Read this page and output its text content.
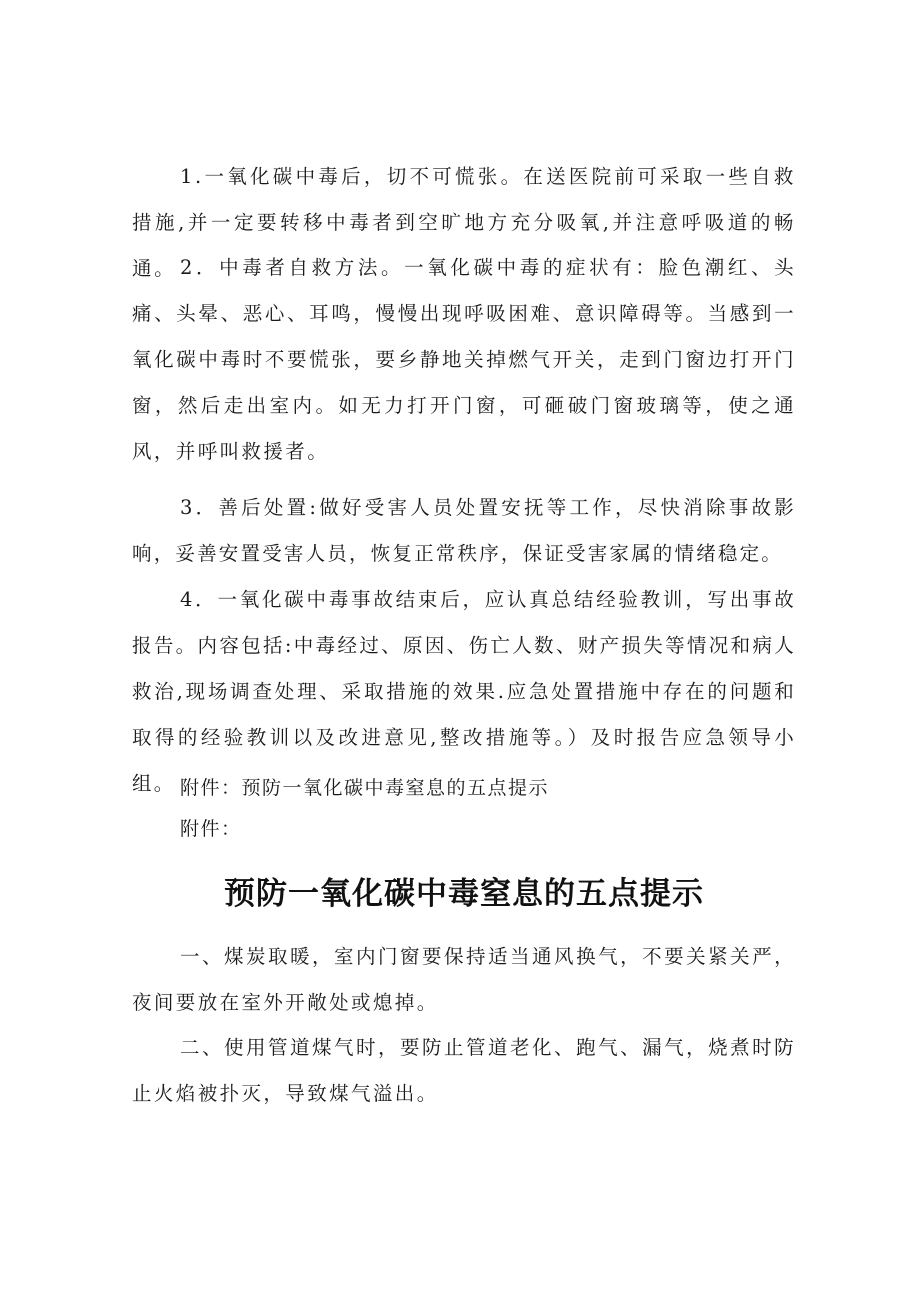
1.一氧化碳中毒后，切不可慌张。在送医院前可采取一些自救措施,并一定要转移中毒者到空旷地方充分吸氧,并注意呼吸道的畅通。 2．中毒者自救方法。一氧化碳中毒的症状有：脸色潮红、头痛、头晕、恶心、耳鸣，慢慢出现呼吸困难、意识障碍等。当感到一氧化碳中毒时不要慌张，要乡静地关掉燃气开关，走到门窗边打开门窗，然后走出室内。如无力打开门窗，可砸破门窗玻璃等，使之通风，并呼叫救援者。

3．善后处置:做好受害人员处置安抚等工作，尽快消除事故影响，妥善安置受害人员，恢复正常秩序，保证受害家属的情绪稳定。

4．一氧化碳中毒事故结束后，应认真总结经验教训，写出事故报告。内容包括:中毒经过、原因、伤亡人数、财产损失等情况和病人救治,现场调查处理、采取措施的效果.应急处置措施中存在的问题和取得的经验教训以及改进意见,整改措施等。）及时报告应急领导小组。 附件：预防一氧化碳中毒窒息的五点提示

附件：

预防一氧化碳中毒窒息的五点提示

一、煤炭取暖，室内门窗要保持适当通风换气，不要关紧关严，夜间要放在室外开敞处或熄掉。

二、使用管道煤气时，要防止管道老化、跑气、漏气，烧煮时防止火焰被扑灭，导致煤气溢出。
